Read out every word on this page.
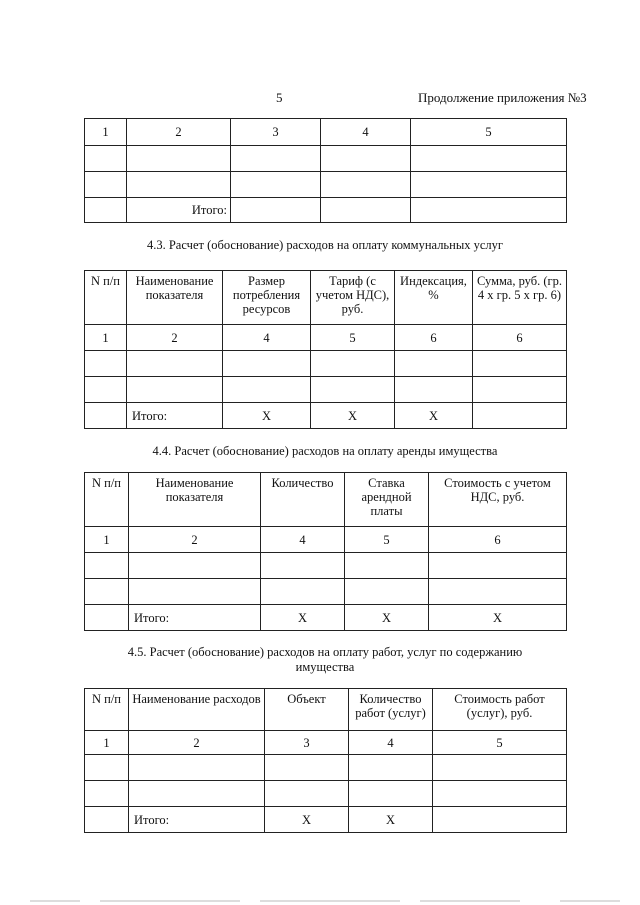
5	Продолжение приложения №3
1	2	3	4	5

	Итого:			
4.3. Расчет (обоснование) расходов на оплату коммунальных услуг
N п/п	Наименование показателя	Размер потребления ресурсов	Тариф (с учетом НДС), руб.	Индексация, %	Сумма, руб. (гр. 4 x гр. 5 x гр. 6)
1	2	4	5	6	6

	Итого:	X	X	X	
4.4. Расчет (обоснование) расходов на оплату аренды имущества
N п/п	Наименование показателя	Количество	Ставка арендной платы	Стоимость с учетом НДС, руб.
1	2	4	5	6

	Итого:	X	X	X
4.5. Расчет (обоснование) расходов на оплату работ, услуг по содержанию
имущества
N п/п	Наименование расходов	Объект	Количество работ (услуг)	Стоимость работ (услуг), руб.
1	2	3	4	5

	Итого:	X	X	
